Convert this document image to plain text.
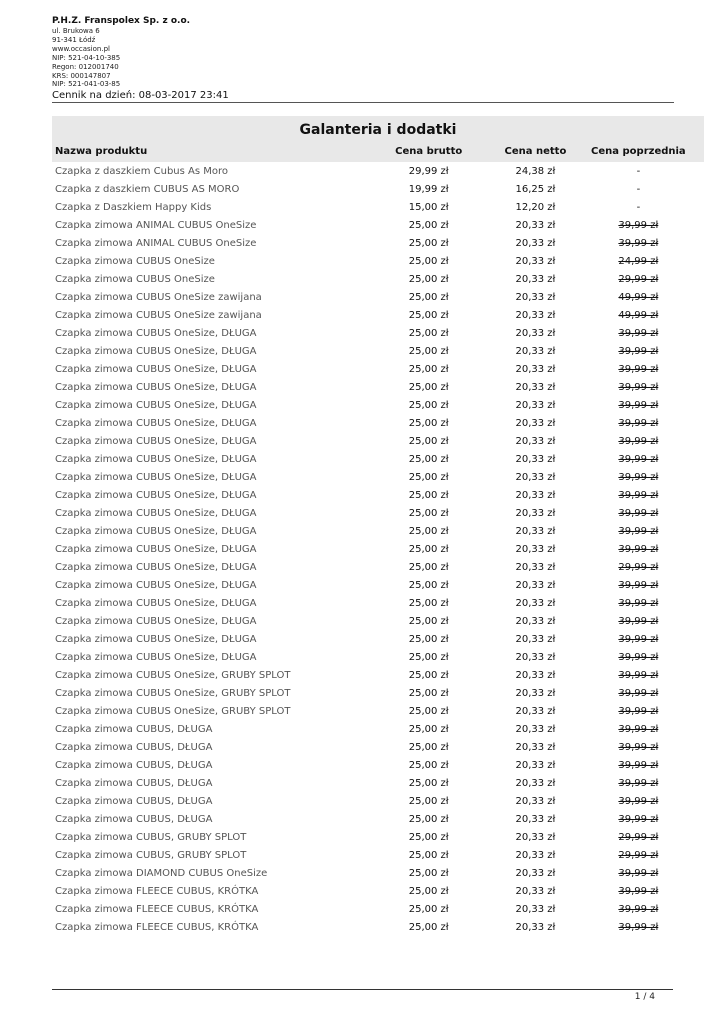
P.H.Z. Franspolex Sp. z o.o.
ul. Brukowa 6
91-341 Łódź
www.occasion.pl
NIP: 521-04-10-385
Regon: 012001740
KRS: 000147807
NIP: 521-041-03-85
Cennik na dzień: 08-03-2017 23:41
Galanteria i dodatki			
Nazwa produktu	Cena brutto	Cena netto	Cena poprzednia
Czapka z daszkiem Cubus As Moro	29,99 zł	24,38 zł	-
Czapka z daszkiem CUBUS AS MORO	19,99 zł	16,25 zł	-
Czapka z Daszkiem Happy Kids	15,00 zł	12,20 zł	-
Czapka zimowa ANIMAL CUBUS OneSize	25,00 zł	20,33 zł	39,99 zł
Czapka zimowa ANIMAL CUBUS OneSize	25,00 zł	20,33 zł	39,99 zł
Czapka zimowa CUBUS OneSize	25,00 zł	20,33 zł	24,99 zł
Czapka zimowa CUBUS OneSize	25,00 zł	20,33 zł	29,99 zł
Czapka zimowa CUBUS OneSize zawijana	25,00 zł	20,33 zł	49,99 zł
Czapka zimowa CUBUS OneSize zawijana	25,00 zł	20,33 zł	49,99 zł
Czapka zimowa CUBUS OneSize, DŁUGA	25,00 zł	20,33 zł	39,99 zł
Czapka zimowa CUBUS OneSize, DŁUGA	25,00 zł	20,33 zł	39,99 zł
Czapka zimowa CUBUS OneSize, DŁUGA	25,00 zł	20,33 zł	39,99 zł
Czapka zimowa CUBUS OneSize, DŁUGA	25,00 zł	20,33 zł	39,99 zł
Czapka zimowa CUBUS OneSize, DŁUGA	25,00 zł	20,33 zł	39,99 zł
Czapka zimowa CUBUS OneSize, DŁUGA	25,00 zł	20,33 zł	39,99 zł
Czapka zimowa CUBUS OneSize, DŁUGA	25,00 zł	20,33 zł	39,99 zł
Czapka zimowa CUBUS OneSize, DŁUGA	25,00 zł	20,33 zł	39,99 zł
Czapka zimowa CUBUS OneSize, DŁUGA	25,00 zł	20,33 zł	39,99 zł
Czapka zimowa CUBUS OneSize, DŁUGA	25,00 zł	20,33 zł	39,99 zł
Czapka zimowa CUBUS OneSize, DŁUGA	25,00 zł	20,33 zł	39,99 zł
Czapka zimowa CUBUS OneSize, DŁUGA	25,00 zł	20,33 zł	39,99 zł
Czapka zimowa CUBUS OneSize, DŁUGA	25,00 zł	20,33 zł	39,99 zł
Czapka zimowa CUBUS OneSize, DŁUGA	25,00 zł	20,33 zł	29,99 zł
Czapka zimowa CUBUS OneSize, DŁUGA	25,00 zł	20,33 zł	39,99 zł
Czapka zimowa CUBUS OneSize, DŁUGA	25,00 zł	20,33 zł	39,99 zł
Czapka zimowa CUBUS OneSize, DŁUGA	25,00 zł	20,33 zł	39,99 zł
Czapka zimowa CUBUS OneSize, DŁUGA	25,00 zł	20,33 zł	39,99 zł
Czapka zimowa CUBUS OneSize, DŁUGA	25,00 zł	20,33 zł	39,99 zł
Czapka zimowa CUBUS OneSize, GRUBY SPLOT	25,00 zł	20,33 zł	39,99 zł
Czapka zimowa CUBUS OneSize, GRUBY SPLOT	25,00 zł	20,33 zł	39,99 zł
Czapka zimowa CUBUS OneSize, GRUBY SPLOT	25,00 zł	20,33 zł	39,99 zł
Czapka zimowa CUBUS, DŁUGA	25,00 zł	20,33 zł	39,99 zł
Czapka zimowa CUBUS, DŁUGA	25,00 zł	20,33 zł	39,99 zł
Czapka zimowa CUBUS, DŁUGA	25,00 zł	20,33 zł	39,99 zł
Czapka zimowa CUBUS, DŁUGA	25,00 zł	20,33 zł	39,99 zł
Czapka zimowa CUBUS, DŁUGA	25,00 zł	20,33 zł	39,99 zł
Czapka zimowa CUBUS, DŁUGA	25,00 zł	20,33 zł	39,99 zł
Czapka zimowa CUBUS, GRUBY SPLOT	25,00 zł	20,33 zł	29,99 zł
Czapka zimowa CUBUS, GRUBY SPLOT	25,00 zł	20,33 zł	29,99 zł
Czapka zimowa DIAMOND CUBUS OneSize	25,00 zł	20,33 zł	39,99 zł
Czapka zimowa FLEECE CUBUS, KRÓTKA	25,00 zł	20,33 zł	39,99 zł
Czapka zimowa FLEECE CUBUS, KRÓTKA	25,00 zł	20,33 zł	39,99 zł
Czapka zimowa FLEECE CUBUS, KRÓTKA	25,00 zł	20,33 zł	39,99 zł
1 / 4
